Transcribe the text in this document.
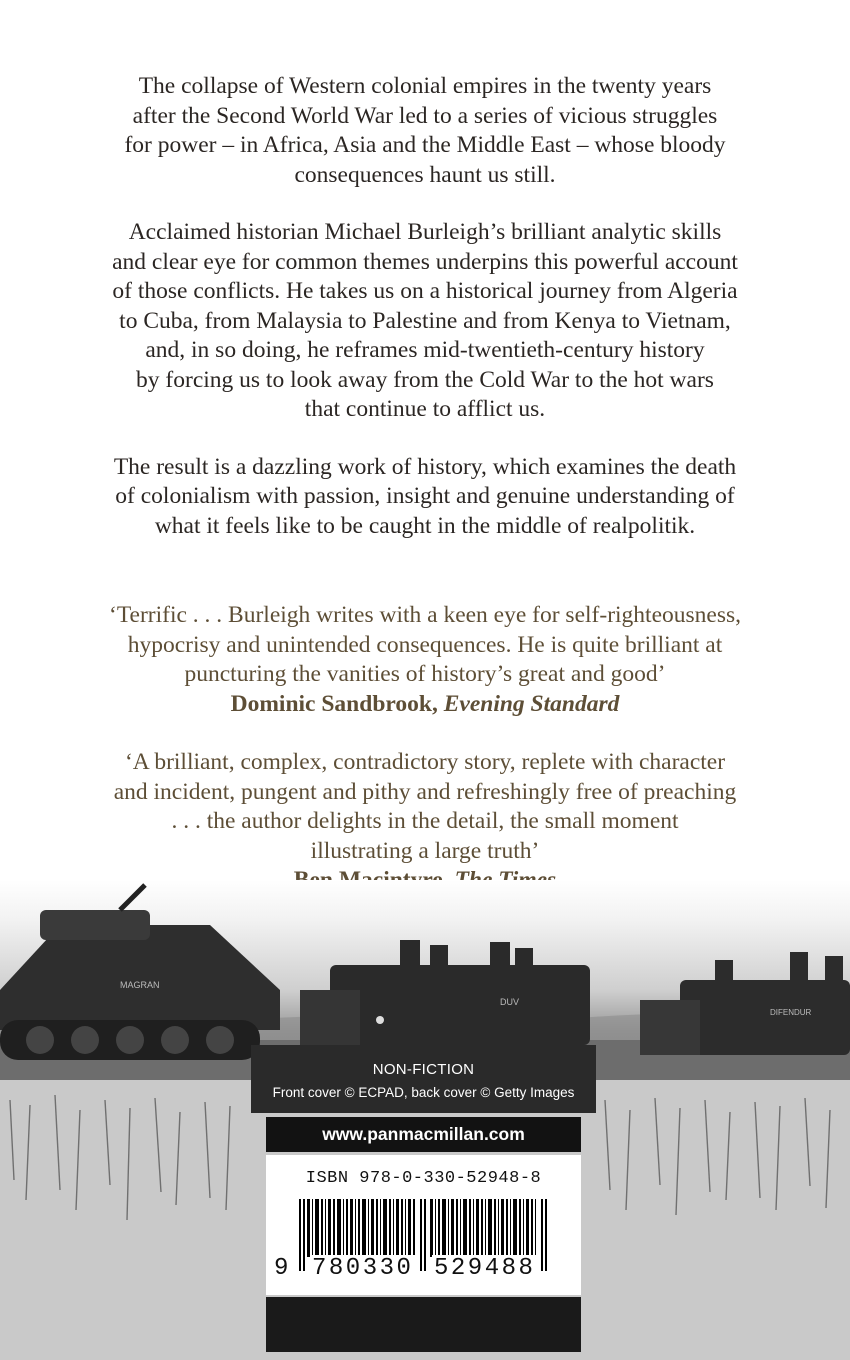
The collapse of Western colonial empires in the twenty years
after the Second World War led to a series of vicious struggles
for power – in Africa, Asia and the Middle East – whose bloody
consequences haunt us still.

Acclaimed historian Michael Burleigh’s brilliant analytic skills
and clear eye for common themes underpins this powerful account
of those conflicts. He takes us on a historical journey from Algeria
to Cuba, from Malaysia to Palestine and from Kenya to Vietnam,
and, in so doing, he reframes mid-twentieth-century history
by forcing us to look away from the Cold War to the hot wars
that continue to afflict us.

The result is a dazzling work of history, which examines the death
of colonialism with passion, insight and genuine understanding of
what it feels like to be caught in the middle of realpolitik.

‘Terrific . . . Burleigh writes with a keen eye for self-righteousness,

hypocrisy and unintended consequences. He is quite brilliant at

puncturing the vanities of history’s great and good’

Dominic Sandbrook, Evening Standard

‘A brilliant, complex, contradictory story, replete with character

and incident, pungent and pithy and refreshingly free of preaching

. . . the author delights in the detail, the small moment

illustrating a large truth’

MAGRAN
DUV
DIFENDUR
NON-FICTION
Front cover © ECPAD, back cover © Getty Images
www.panmacmillan.com
ISBN 978-0-330-52948-8
9 780330 529488
